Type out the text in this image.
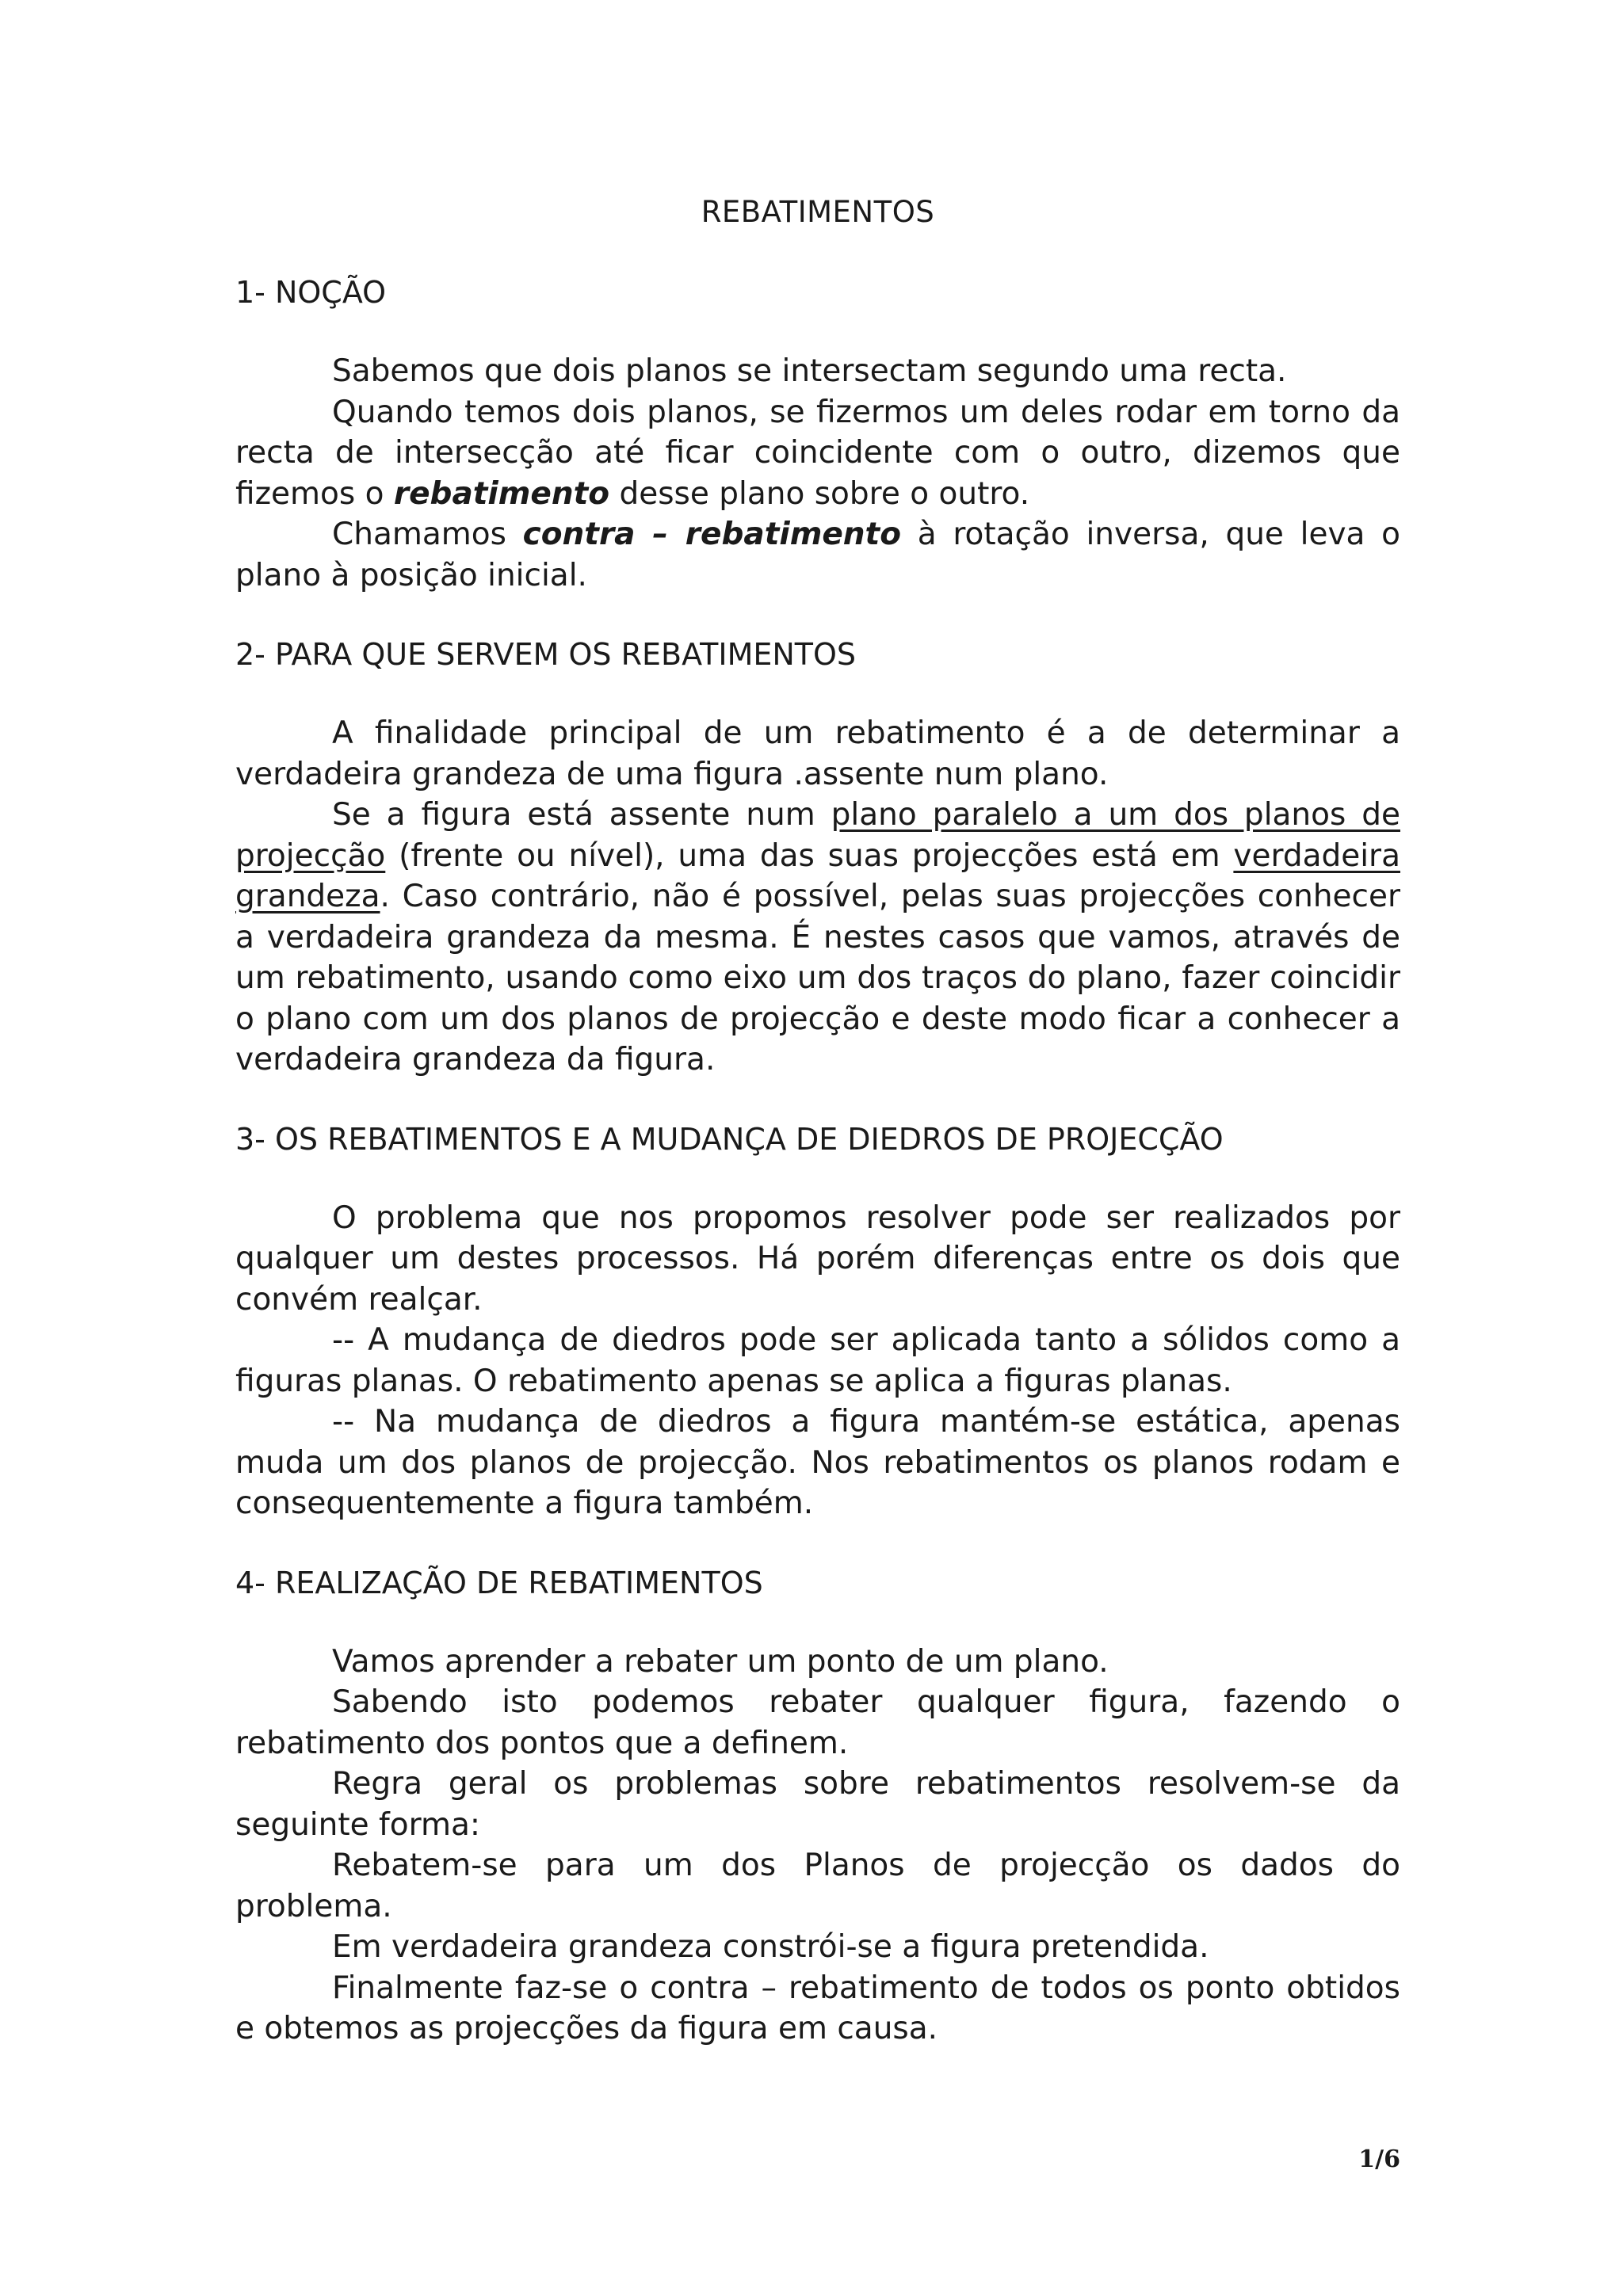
REBATIMENTOS
1- NOÇÃO

Sabemos que dois planos se intersectam segundo uma recta.

Quando temos dois planos, se fizermos um deles rodar em torno da recta de intersecção até ficar coincidente com o outro, dizemos que fizemos o rebatimento desse plano sobre o outro.

Chamamos contra – rebatimento à rotação inversa, que leva o plano à posição inicial.

2- PARA QUE SERVEM OS REBATIMENTOS

A finalidade principal de um rebatimento é a de determinar a verdadeira grandeza de uma figura .assente num plano.

Se a figura está assente num plano paralelo a um dos planos de projecção (frente ou nível), uma das suas projecções está em verdadeira grandeza. Caso contrário, não é possível, pelas suas projecções conhecer a verdadeira grandeza da mesma. É nestes casos que vamos, através de um rebatimento, usando como eixo um dos traços do plano, fazer coincidir o plano com um dos planos de projecção e deste modo ficar a conhecer a verdadeira grandeza da figura.

3- OS REBATIMENTOS E A MUDANÇA DE DIEDROS DE PROJECÇÃO

O problema que nos propomos resolver pode ser realizados por qualquer um destes processos. Há porém diferenças entre os dois que convém realçar.

-- A mudança de diedros pode ser aplicada tanto a sólidos como a figuras planas. O rebatimento apenas se aplica a figuras planas.

-- Na mudança de diedros a figura mantém-se estática, apenas muda um dos planos de projecção. Nos rebatimentos os planos rodam e consequentemente a figura também.

4- REALIZAÇÃO DE REBATIMENTOS

Vamos aprender a rebater um ponto de um plano.

Sabendo isto podemos rebater qualquer figura, fazendo o rebatimento dos pontos que a definem.

Regra geral os problemas sobre rebatimentos resolvem-se da seguinte forma:

Rebatem-se para um dos Planos de projecção os dados do problema.

Em verdadeira grandeza constrói-se a figura pretendida.

Finalmente faz-se o contra – rebatimento de todos os ponto obtidos e obtemos as projecções da figura em causa.

1/6
